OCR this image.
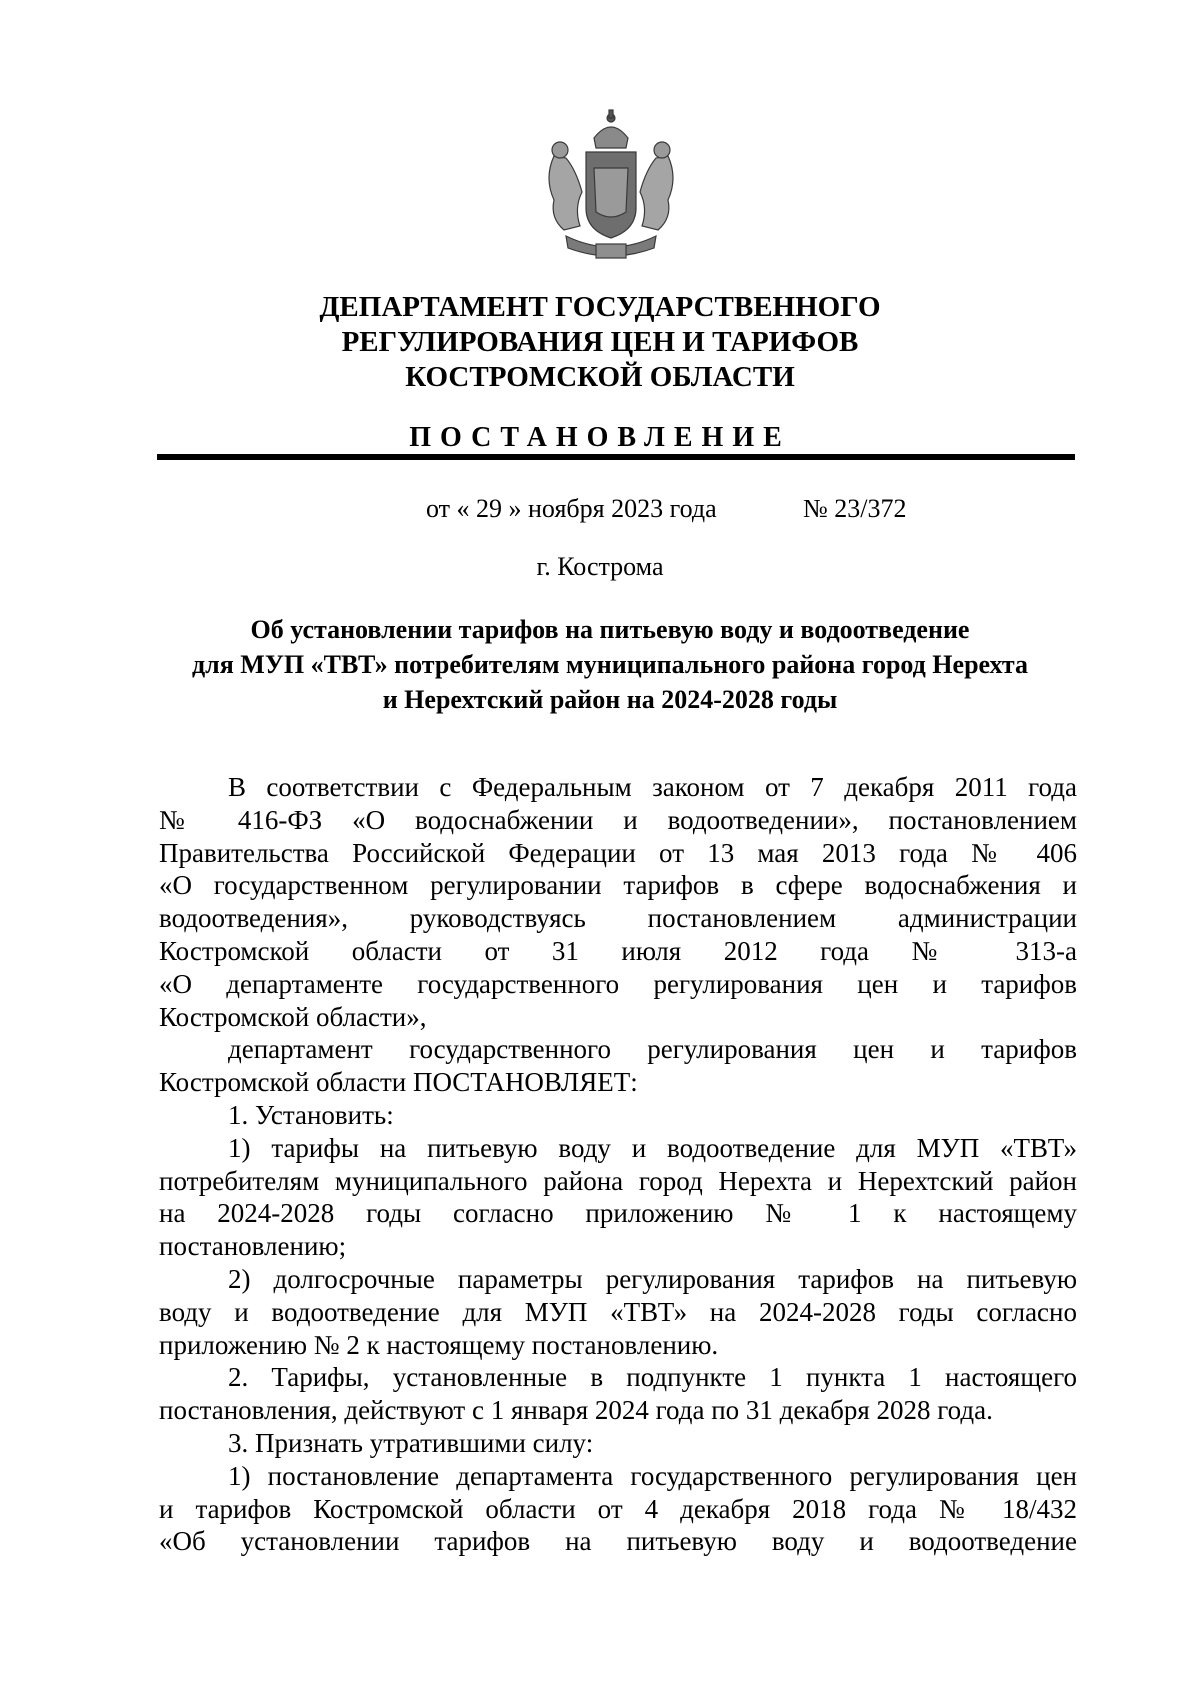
ДЕПАРТАМЕНТ ГОСУДАРСТВЕННОГО
РЕГУЛИРОВАНИЯ ЦЕН И ТАРИФОВ
КОСТРОМСКОЙ ОБЛАСТИ
ПОСТАНОВЛЕНИЕ
от « 29 » ноября 2023 года	№ 23/372
г. Кострома
Об установлении тарифов на питьевую воду и водоотведение
для МУП «ТВТ» потребителям муниципального района город Нерехта
и Нерехтский район на 2024-2028 годы
В соответствии с Федеральным законом от 7 декабря 2011 года
№ 416-ФЗ «О водоснабжении и водоотведении», постановлением
Правительства Российской Федерации от 13 мая 2013 года № 406
«О государственном регулировании тарифов в сфере водоснабжения и
водоотведения», руководствуясь постановлением администрации
Костромской области от 31 июля 2012 года № 313-а
«О департаменте государственного регулирования цен и тарифов
Костромской области»,
департамент государственного регулирования цен и тарифов
Костромской области ПОСТАНОВЛЯЕТ:
1. Установить:
1) тарифы на питьевую воду и водоотведение для МУП «ТВТ»
потребителям муниципального района город Нерехта и Нерехтский район
на 2024-2028 годы согласно приложению № 1 к настоящему
постановлению;
2) долгосрочные параметры регулирования тарифов на питьевую
воду и водоотведение для МУП «ТВТ» на 2024-2028 годы согласно
приложению № 2 к настоящему постановлению.
2. Тарифы, установленные в подпункте 1 пункта 1 настоящего
постановления, действуют с 1 января 2024 года по 31 декабря 2028 года.
3. Признать утратившими силу:
1) постановление департамента государственного регулирования цен
и тарифов Костромской области от 4 декабря 2018 года № 18/432
«Об установлении тарифов на питьевую воду и водоотведение
